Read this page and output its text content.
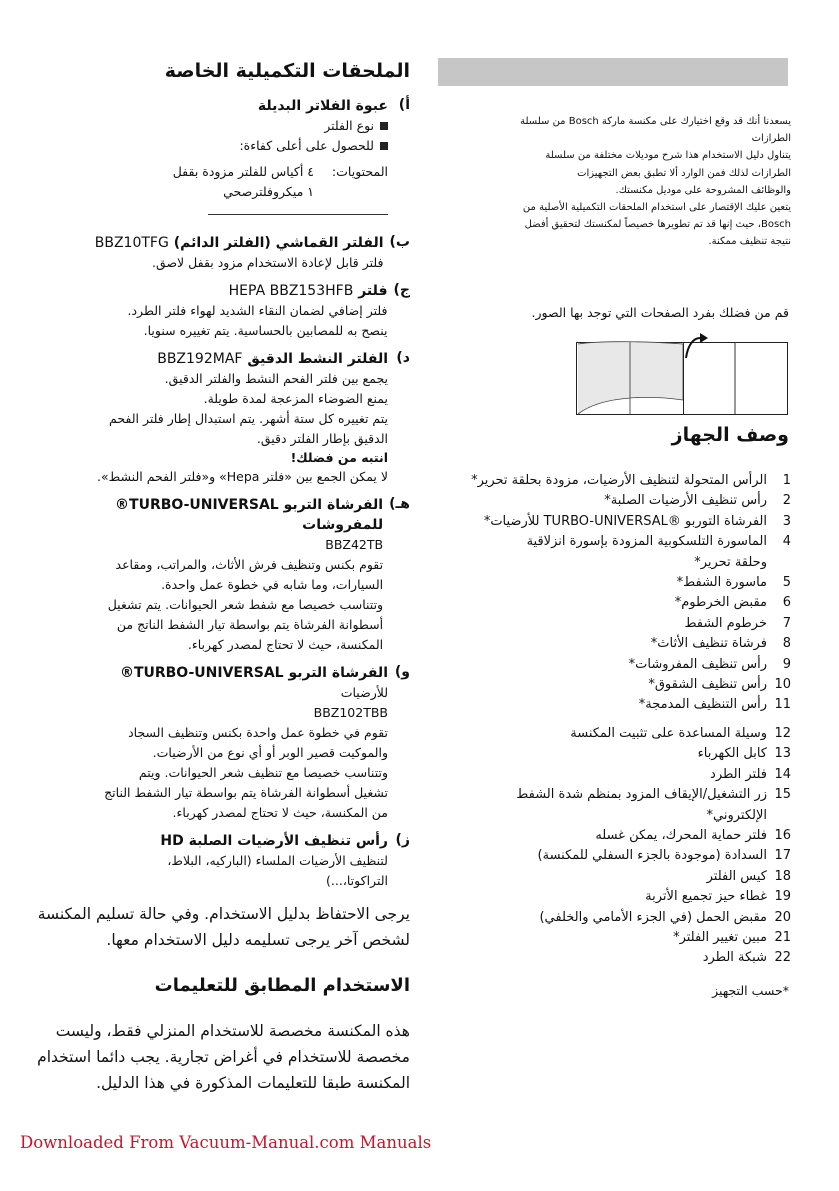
الملحقات التكميلية الخاصة
أ)
عبوة الفلاتر البديلة
نوع الفلتر
للحصول على أعلى كفاءة:
المحتويات:
٤ أكياس للفلتر مزودة بقفل
١ ميكروفلترصحي
ب)
الفلتر القماشي (الفلتر الدائم) BBZ10TFG
فلتر قابل لإعادة الاستخدام مزود بقفل لاصق.
ج)
فلتر HEPA BBZ153HFB
فلتر إضافي لضمان النقاء الشديد لهواء فلتر الطرد.
ينصح به للمصابين بالحساسية. يتم تغييره سنويا.
د)
الفلتر النشط الدقيق BBZ192MAF
يجمع بين فلتر الفحم النشط والفلتر الدقيق.
يمنع الضوضاء المزعجة لمدة طويلة.
يتم تغييره كل ستة أشهر. يتم استبدال إطار فلتر الفحم
الدقيق بإطار الفلتر دقيق.
انتبه من فضلك!
لا يمكن الجمع بين «فلتر Hepa» و«فلتر الفحم النشط».
هـ)
الفرشاة التربو TURBO-UNIVERSAL®
للمفروشات
BBZ42TB
تقوم بكنس وتنظيف فرش الأثاث، والمراتب، ومقاعد
السيارات، وما شابه في خطوة عمل واحدة.
وتتناسب خصيصا مع شفط شعر الحيوانات. يتم تشغيل
أسطوانة الفرشاة يتم بواسطة تيار الشفط الناتج من
المكنسة، حيث لا تحتاج لمصدر كهرباء.
و)
الفرشاة التربو TURBO-UNIVERSAL®
للأرضيات
BBZ102TBB
تقوم في خطوة عمل واحدة بكنس وتنظيف السجاد
والموكيت قصير الوبر أو أي نوع من الأرضيات.
وتتناسب خصيصا مع تنظيف شعر الحيوانات. ويتم
تشغيل أسطوانة الفرشاة يتم بواسطة تيار الشفط الناتج
من المكنسة، حيث لا تحتاج لمصدر كهرباء.
ز)
رأس تنظيف الأرضيات الصلبة HD
لتنظيف الأرضيات الملساء (الباركيه، البلاط،
التراكوتا،...)
يرجى الاحتفاظ بدليل الاستخدام. وفي حالة تسليم المكنسة لشخص آخر يرجى تسليمه دليل الاستخدام معها.
الاستخدام المطابق للتعليمات
هذه المكنسة مخصصة للاستخدام المنزلي فقط، وليست مخصصة للاستخدام في أغراض تجارية. يجب دائما استخدام المكنسة طبقا للتعليمات المذكورة في هذا الدليل.
يسعدنا أنك قد وقع اختيارك على مكنسة ماركة Bosch من سلسلة
الطرازات
يتناول دليل الاستخدام هذا شرح موديلات مختلفة من سلسلة
الطرازات لذلك فمن الوارد ألا تطبق بعض التجهيزات
والوظائف المشروحة على موديل مكنستك.
يتعين عليك الإقتصار على استخدام الملحقات التكميلية الأصلية من
Bosch، حيث إنها قد تم تطويرها خصيصاً لمكنستك لتحقيق أفضل
نتيجة تنظيف ممكنة.
قم من فضلك بفرد الصفحات التي توجد بها الصور.
وصف الجهاز
1
الرأس المتحولة لتنظيف الأرضيات، مزودة بحلقة تحرير*
2
رأس تنظيف الأرضيات الصلبة*
3
الفرشاة التوربو ®TURBO-UNIVERSAL للأرضيات*
4
الماسورة التلسكوبية المزودة بإسورة انزلاقية
وحلقة تحرير*
5
ماسورة الشفط*
6
مقبض الخرطوم*
7
خرطوم الشفط
8
فرشاة تنظيف الأثاث*
9
رأس تنظيف المفروشات*
10
رأس تنظيف الشقوق*
11
رأس التنظيف المدمجة*
12
وسيلة المساعدة على تثبيت المكنسة
13
كابل الكهرباء
14
فلتر الطرد
15
زر التشغيل/الإيقاف المزود بمنظم شدة الشفط
الإلكتروني*
16
فلتر حماية المحرك، يمكن غسله
17
السدادة (موجودة بالجزء السفلي للمكنسة)
18
كيس الفلتر
19
غطاء حيز تجميع الأتربة
20
مقبض الحمل (في الجزء الأمامي والخلفي)
21
مبين تغيير الفلتر*
22
شبكة الطرد
*حسب التجهيز
Downloaded From Vacuum-Manual.com Manuals
